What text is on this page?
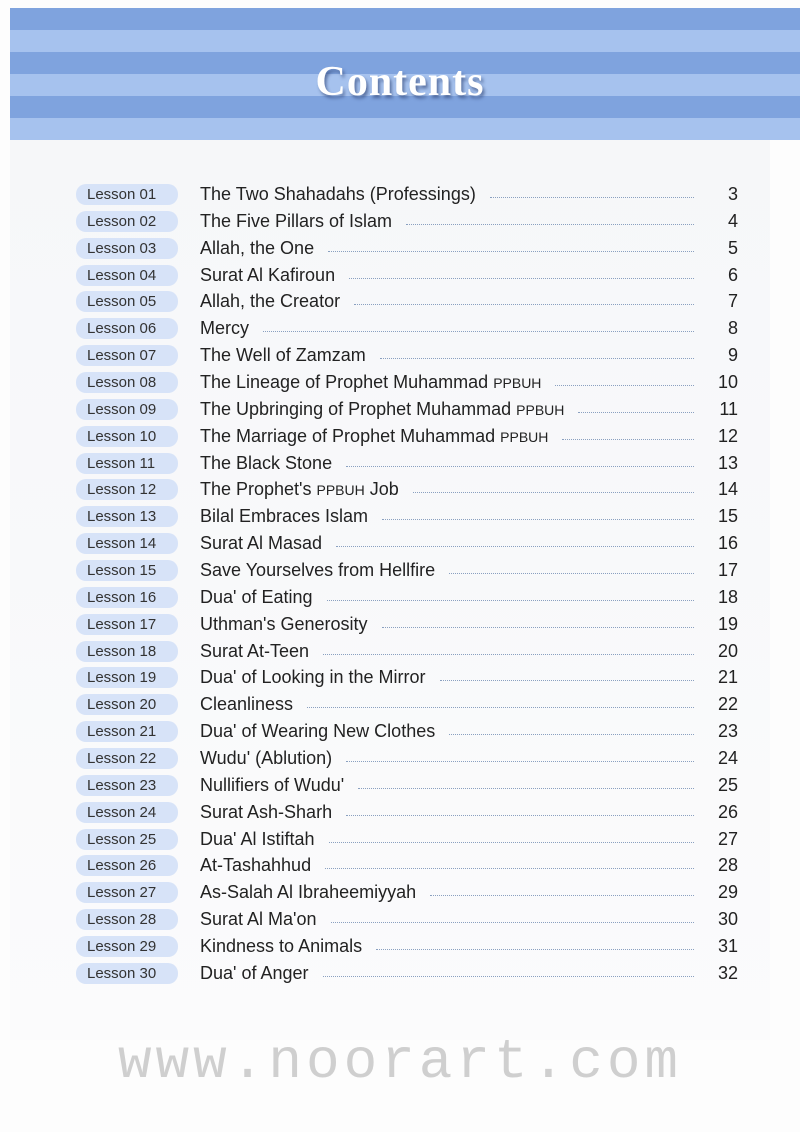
Contents
Lesson 01	The Two Shahadahs (Professings)	3
Lesson 02	The Five Pillars of Islam	4
Lesson 03	Allah, the One	5
Lesson 04	Surat Al Kafiroun	6
Lesson 05	Allah, the Creator	7
Lesson 06	Mercy	8
Lesson 07	The Well of Zamzam	9
Lesson 08	The Lineage of Prophet Muhammad PPBUH	10
Lesson 09	The Upbringing of Prophet Muhammad PPBUH	11
Lesson 10	The Marriage of Prophet Muhammad PPBUH	12
Lesson 11	The Black Stone	13
Lesson 12	The Prophet's PPBUH Job	14
Lesson 13	Bilal Embraces Islam	15
Lesson 14	Surat Al Masad	16
Lesson 15	Save Yourselves from Hellfire	17
Lesson 16	Dua' of Eating	18
Lesson 17	Uthman's Generosity	19
Lesson 18	Surat At-Teen	20
Lesson 19	Dua' of Looking in the Mirror	21
Lesson 20	Cleanliness	22
Lesson 21	Dua' of Wearing New Clothes	23
Lesson 22	Wudu' (Ablution)	24
Lesson 23	Nullifiers of Wudu'	25
Lesson 24	Surat Ash-Sharh	26
Lesson 25	Dua' Al Istiftah	27
Lesson 26	At-Tashahhud	28
Lesson 27	As-Salah Al Ibraheemiyyah	29
Lesson 28	Surat Al Ma'on	30
Lesson 29	Kindness to Animals	31
Lesson 30	Dua' of Anger	32
www.noorart.com
